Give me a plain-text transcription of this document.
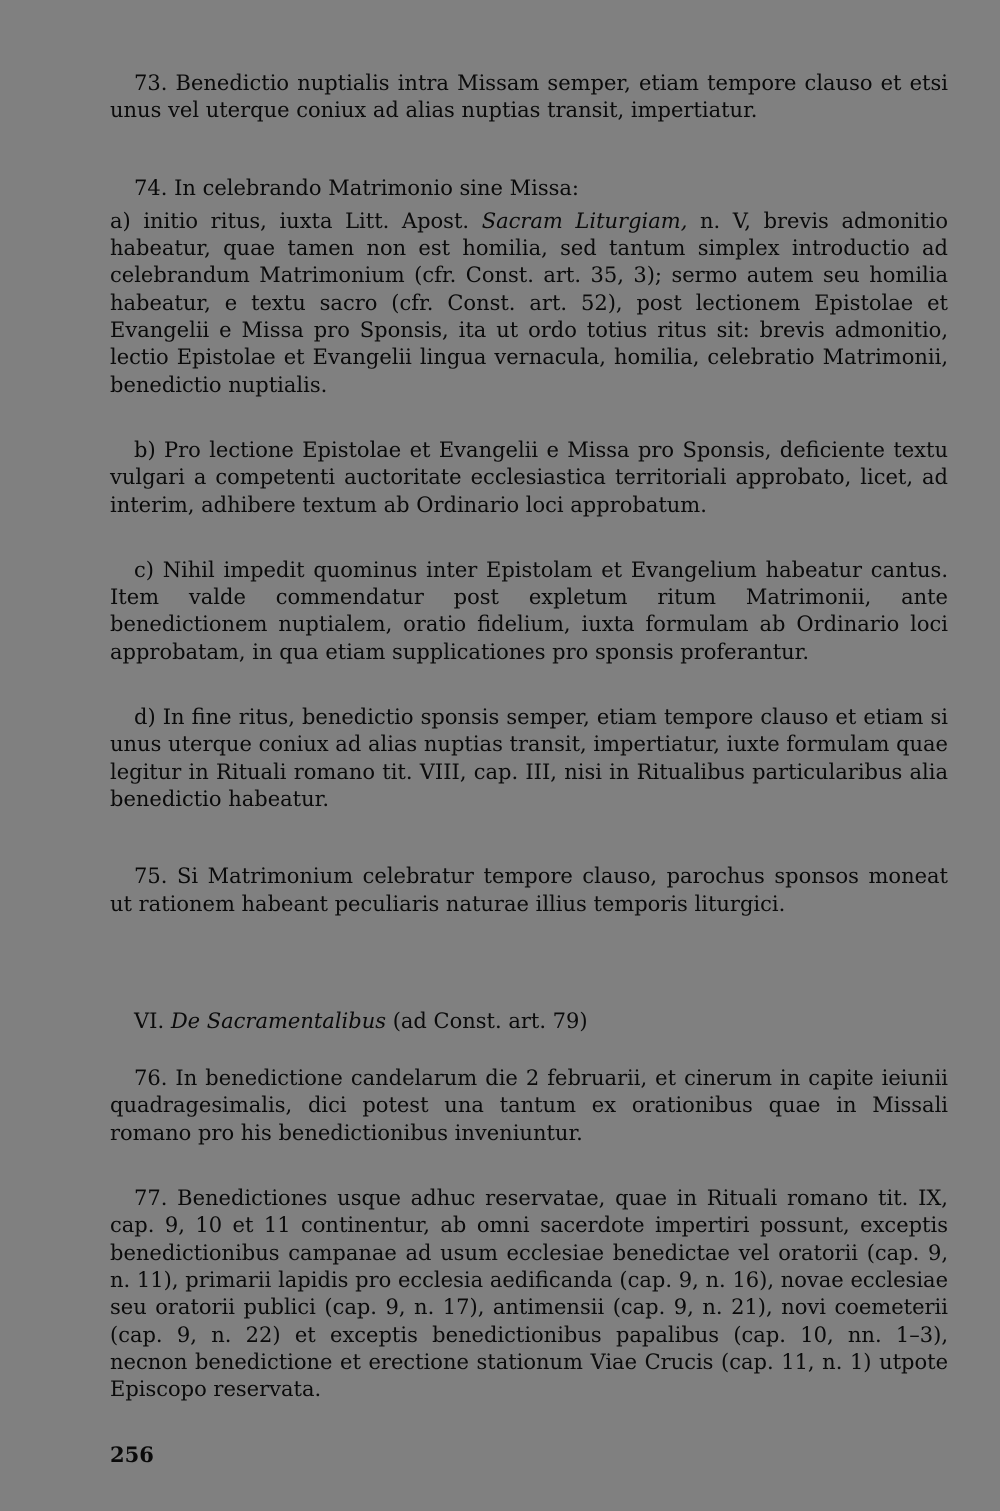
73. Benedictio nuptialis intra Missam semper, etiam tempore clauso et etsi unus vel uterque coniux ad alias nuptias transit, impertiatur.

74. In celebrando Matrimonio sine Missa:

a) initio ritus, iuxta Litt. Apost. Sacram Liturgiam, n. V, brevis admonitio habeatur, quae tamen non est homilia, sed tantum simplex introductio ad celebrandum Matrimonium (cfr. Const. art. 35, 3); sermo autem seu homilia habeatur, e textu sacro (cfr. Const. art. 52), post lectionem Epistolae et Evangelii e Missa pro Sponsis, ita ut ordo totius ritus sit: brevis admonitio, lectio Epistolae et Evangelii lingua vernacula, homilia, celebratio Matrimonii, benedictio nuptialis.

b) Pro lectione Epistolae et Evangelii e Missa pro Sponsis, deficiente textu vulgari a competenti auctoritate ecclesiastica territoriali approbato, licet, ad interim, adhibere textum ab Ordinario loci approbatum.

c) Nihil impedit quominus inter Epistolam et Evangelium habeatur cantus. Item valde commendatur post expletum ritum Matrimonii, ante benedictionem nuptialem, oratio fidelium, iuxta formulam ab Ordinario loci approbatam, in qua etiam supplicationes pro sponsis proferantur.

d) In fine ritus, benedictio sponsis semper, etiam tempore clauso et etiam si unus uterque coniux ad alias nuptias transit, impertiatur, iuxte formulam quae legitur in Rituali romano tit. VIII, cap. III, nisi in Ritualibus particularibus alia benedictio habeatur.

75. Si Matrimonium celebratur tempore clauso, parochus sponsos moneat ut rationem habeant peculiaris naturae illius temporis liturgici.

VI. De Sacramentalibus (ad Const. art. 79)

76. In benedictione candelarum die 2 februarii, et cinerum in capite ieiunii quadragesimalis, dici potest una tantum ex orationibus quae in Missali romano pro his benedictionibus inveniuntur.

77. Benedictiones usque adhuc reservatae, quae in Rituali romano tit. IX, cap. 9, 10 et 11 continentur, ab omni sacerdote impertiri possunt, exceptis benedictionibus campanae ad usum ecclesiae benedictae vel oratorii (cap. 9, n. 11), primarii lapidis pro ecclesia aedificanda (cap. 9, n. 16), novae ecclesiae seu oratorii publici (cap. 9, n. 17), antimensii (cap. 9, n. 21), novi coemeterii (cap. 9, n. 22) et exceptis benedictionibus papalibus (cap. 10, nn. 1–3), necnon benedictione et erectione stationum Viae Crucis (cap. 11, n. 1) utpote Episcopo reservata.

256
